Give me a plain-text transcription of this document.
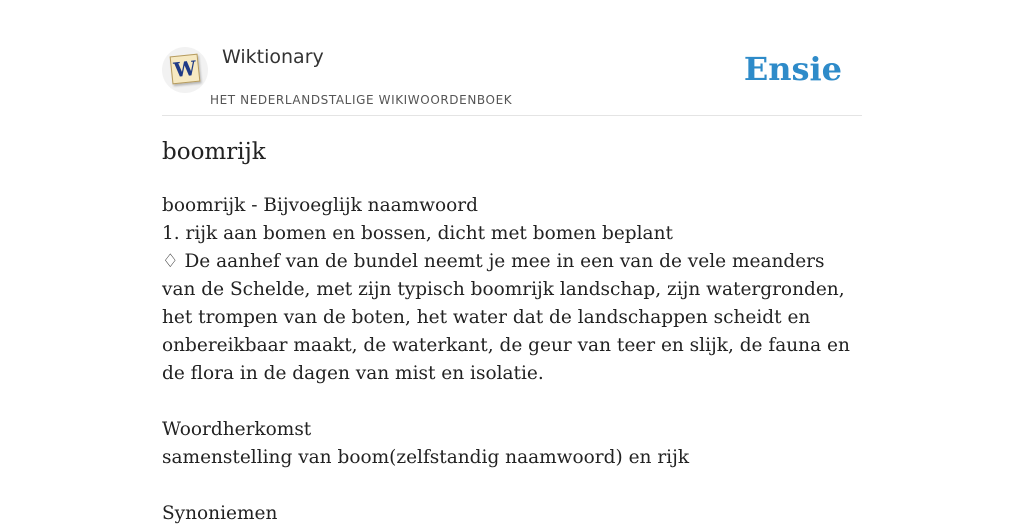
W Wiktionary
HET NEDERLANDSTALIGE WIKIWOORDENBOEK
Ensie
boomrijk

boomrijk - Bijvoeglijk naamwoord

1. rijk aan bomen en bossen, dicht met bomen beplant

♢ De aanhef van de bundel neemt je mee in een van de vele meanders van de Schelde, met zijn typisch boomrijk landschap, zijn watergronden, het trompen van de boten, het water dat de landschappen scheidt en onbereikbaar maakt, de waterkant, de geur van teer en slijk, de fauna en de flora in de dagen van mist en isolatie.

Woordherkomst

samenstelling van boom(zelfstandig naamwoord) en rijk

Synoniemen
